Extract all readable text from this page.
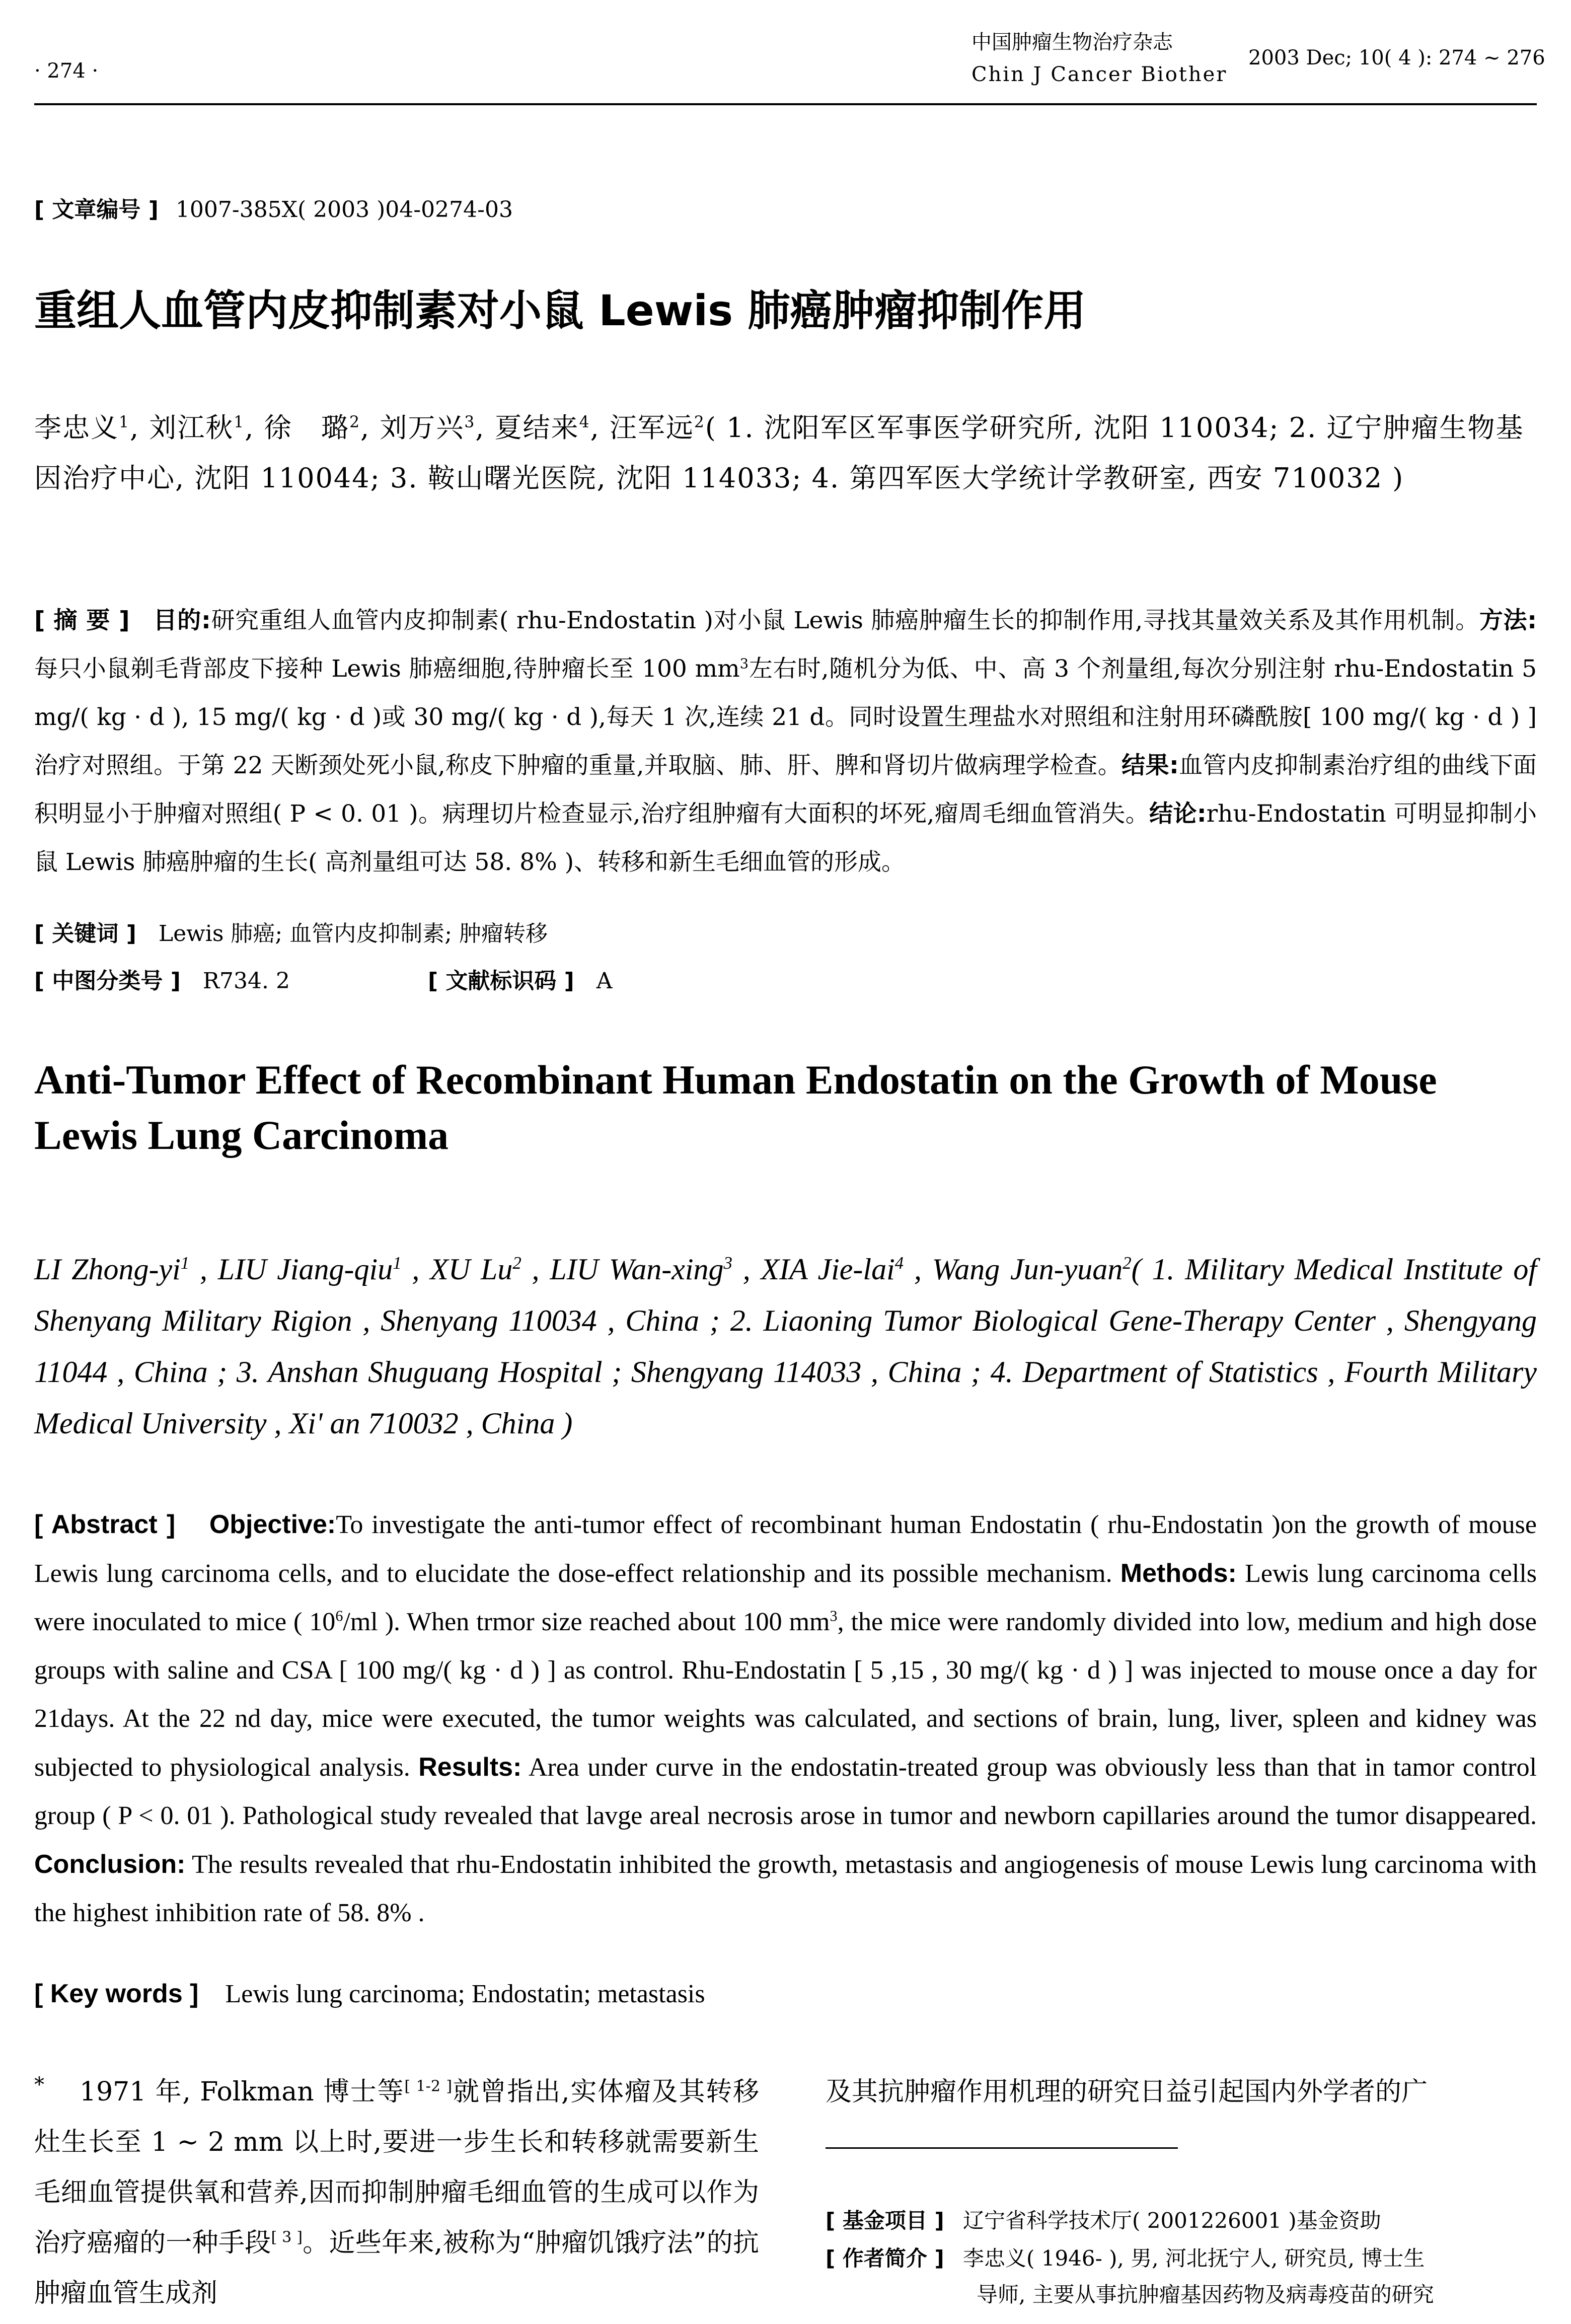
· 274 ·
中国肿瘤生物治疗杂志
Chin J Cancer Biother
2003 Dec; 10( 4 ): 274 ~ 276
[ 文章编号 ] 1007-385X( 2003 )04-0274-03
重组人血管内皮抑制素对小鼠 Lewis 肺癌肿瘤抑制作用
李忠义$^1$, 刘江秋$^1$, 徐   璐$^2$, 刘万兴$^3$, 夏结来$^4$, 汪军远$^2$( 1. 沈阳军区军事医学研究所, 沈阳 110034; 2. 辽宁肿瘤生物基因治疗中心, 沈阳 110044; 3. 鞍山曙光医院, 沈阳 114033; 4. 第四军医大学统计学教研室, 西安 710032 )
[ 摘 要 ] 目的:研究重组人血管内皮抑制素( rhu-Endostatin )对小鼠 Lewis 肺癌肿瘤生长的抑制作用,寻找其量效关系及其作用机制。方法:每只小鼠剃毛背部皮下接种 Lewis 肺癌细胞,待肿瘤长至 100 $mm^3$左右时,随机分为低、中、高 3 个剂量组,每次分别注射 rhu-Endostatin 5 mg/( kg · d ), 15 mg/( kg · d )或 30 mg/( kg · d ),每天 1 次,连续 21 d。同时设置生理盐水对照组和注射用环磷酰胺[ 100 mg/( kg · d ) ]治疗对照组。于第 22 天断颈处死小鼠,称皮下肿瘤的重量,并取脑、肺、肝、脾和肾切片做病理学检查。结果:血管内皮抑制素治疗组的曲线下面积明显小于肿瘤对照组( P < 0. 01 )。病理切片检查显示,治疗组肿瘤有大面积的坏死,瘤周毛细血管消失。结论:rhu-Endostatin 可明显抑制小鼠 Lewis 肺癌肿瘤的生长( 高剂量组可达 58. 8% )、转移和新生毛细血管的形成。
[ 关键词 ] Lewis 肺癌; 血管内皮抑制素; 肿瘤转移
[ 中图分类号 ] R734. 2	[ 文献标识码 ] A
Anti-Tumor Effect of Recombinant Human Endostatin on the Growth of Mouse Lewis Lung Carcinoma
LI Zhong-$yi^1$ , LIU Jiang-qiu$^1$ , XU Lu$^2$ , LIU Wan-xing$^3$ , XIA Jie-lai$^4$ , Wang Jun-yuan$^2$( 1. Military Medical Institute of Shenyang Military Rigion , Shenyang 110034 , China ; 2. Liaoning Tumor Biological Gene-Therapy Center , Shengyang 11044 , China ; 3. Anshan Shuguang Hospital ; Shengyang 114033 , China ; 4. Department of Statistics , Fourth Military Medical University , Xi' an 710032 , China )
[ Abstract ] Objective:To investigate the anti-tumor effect of recombinant human Endostatin ( rhu-Endostatin )on the growth of mouse Lewis lung carcinoma cells, and to elucidate the dose-effect relationship and its possible mechanism. Methods: Lewis lung carcinoma cells were inoculated to mice ( $10^6/ml$ ). When trmor size reached about 100 $mm^3$, the mice were randomly divided into low, medium and high dose groups with saline and CSA [ 100 mg/( kg · d ) ] as control. Rhu-Endostatin [ 5 ,15 , 30 mg/( kg · d ) ] was injected to mouse once a day for 21days. At the 22 nd day, mice were executed, the tumor weights was calculated, and sections of brain, lung, liver, spleen and kidney was subjected to physiological analysis. Results: Area under curve in the endostatin-treated group was obviously less than that in tamor control group ( P < 0. 01 ). Pathological study revealed that lavge areal necrosis arose in tumor and newborn capillaries around the tumor disappeared. Conclusion: The results revealed that rhu-Endostatin inhibited the growth, metastasis and angiogenesis of mouse Lewis lung carcinoma with the highest inhibition rate of 58. 8% .
[ Key words ] Lewis lung carcinoma; Endostatin; metastasis
* 1971 年, Folkman 博士等[ 1-2 ]就曾指出,实体瘤及其转移灶生长至 1 ~ 2 mm 以上时,要进一步生长和转移就需要新生毛细血管提供氧和营养,因而抑制肿瘤毛细血管的生成可以作为治疗癌瘤的一种手段[ 3 ]。近些年来,被称为“肿瘤饥饿疗法”的抗肿瘤血管生成剂
及其抗肿瘤作用机理的研究日益引起国内外学者的广
[ 基金项目 ] 辽宁省科学技术厅( 2001226001 )基金资助
[ 作者简介 ] 李忠义( 1946- ), 男, 河北抚宁人, 研究员, 博士生
导师, 主要从事抗肿瘤基因药物及病毒疫苗的研究
